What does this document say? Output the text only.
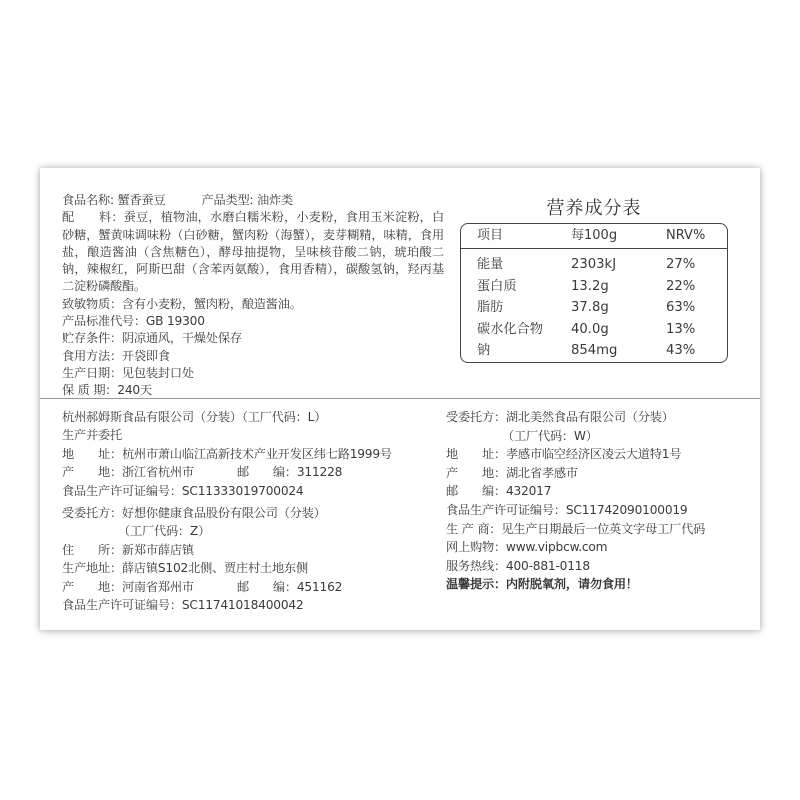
食品名称: 蟹香蚕豆	产品类型: 油炸类
配　　料：蚕豆，植物油，水磨白糯米粉，小麦粉，食用玉米淀粉，白砂糖，蟹黄味调味粉（白砂糖，蟹肉粉（海蟹），麦芽糊精，味精，食用盐，酿造酱油（含焦糖色），酵母抽提物，呈味核苷酸二钠，琥珀酸二钠，辣椒红，阿斯巴甜（含苯丙氨酸），食用香精），碳酸氢钠，羟丙基二淀粉磷酸酯。
致敏物质：含有小麦粉，蟹肉粉，酿造酱油。
产品标准代号：GB 19300
贮存条件：阴凉通风，干燥处保存
食用方法：开袋即食
生产日期：见包装封口处
保 质 期：240天
营养成分表
项目	每100g	NRV%
能量	2303kJ	27%
蛋白质	13.2g	22%
脂肪	37.8g	63%
碳水化合物 40.0g	13%
钠	854mg	43%
杭州郝姆斯食品有限公司（分装）（工厂代码：L）
生产并委托
地　　址：杭州市萧山临江高新技术产业开发区纬七路1999号
产　　地：浙江省杭州市	邮　　编：311228
食品生产许可证编号：SC11333019700024
受委托方：好想你健康食品股份有限公司（分装）
（工厂代码：Z）
住　　所：新郑市薛店镇
生产地址：薛店镇S102北侧、贾庄村土地东侧
产　　地：河南省郑州市	邮　　编：451162
食品生产许可证编号：SC11741018400042
受委托方：湖北美然食品有限公司（分装）
（工厂代码：W）
地　　址：孝感市临空经济区凌云大道特1号
产　　地：湖北省孝感市
邮　　编：432017
食品生产许可证编号：SC11742090100019
生 产 商：见生产日期最后一位英文字母工厂代码
网上购物：www.vipbcw.com
服务热线：400-881-0118
温馨提示：内附脱氧剂，请勿食用！
